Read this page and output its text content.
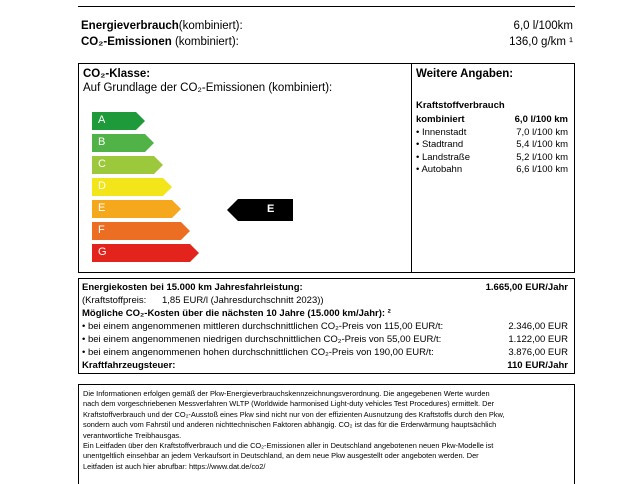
Energieverbrauch(kombiniert):	6,0 l/100km
CO₂-Emissionen (kombiniert):	136,0 g/km ¹
CO₂-Klasse:
Auf Grundlage der CO₂-Emissionen (kombiniert):
A
B
C
D
E
F
G
E
Weitere Angaben:
Kraftstoffverbrauch
kombiniert	6,0 l/100 km
• Innenstadt	7,0 l/100 km
• Stadtrand	5,4 l/100 km
• Landstraße	5,2 l/100 km
• Autobahn	6,6 l/100 km
Energiekosten bei 15.000 km Jahresfahrleistung:	1.665,00 EUR/Jahr
(Kraftstoffpreis:	1,85 EUR/l (Jahresdurchschnitt 2023))
Mögliche CO₂-Kosten über die nächsten 10 Jahre (15.000 km/Jahr): ²
• bei einem angenommenen mittleren durchschnittlichen CO₂-Preis von 115,00 EUR/t:	2.346,00 EUR
• bei einem angenommenen niedrigen durchschnittlichen CO₂-Preis von 55,00 EUR/t:	1.122,00 EUR
• bei einem angenommenen hohen durchschnittlichen CO₂-Preis von 190,00 EUR/t:	3.876,00 EUR
Kraftfahrzeugsteuer:	110 EUR/Jahr
Die Informationen erfolgen gemäß der Pkw-Energieverbrauchskennzeichnungsverordnung. Die angegebenen Werte wurden
nach dem vorgeschriebenen Messverfahren WLTP (Worldwide harmonised Light-duty vehicles Test Procedures) ermittelt. Der
Kraftstoffverbrauch und der CO₂-Ausstoß eines Pkw sind nicht nur von der effizienten Ausnutzung des Kraftstoffs durch den Pkw,
sondern auch vom Fahrstil und anderen nichttechnischen Faktoren abhängig. CO₂ ist das für die Erderwärmung hauptsächlich
verantwortliche Treibhausgas.
Ein Leitfaden über den Kraftstoffverbrauch und die CO₂-Emissionen aller in Deutschland angebotenen neuen Pkw-Modelle ist
unentgeltlich einsehbar an jedem Verkaufsort in Deutschland, an dem neue Pkw ausgestellt oder angeboten werden. Der
Leitfaden ist auch hier abrufbar: https://www.dat.de/co2/
